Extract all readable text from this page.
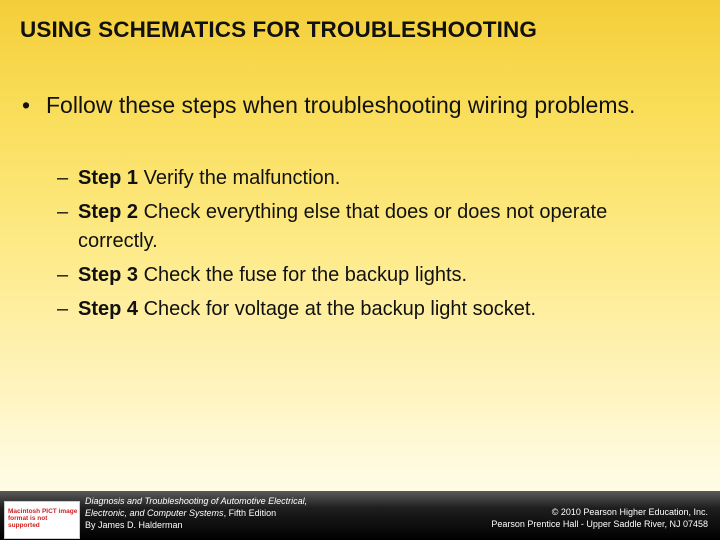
USING SCHEMATICS FOR TROUBLESHOOTING
• Follow these steps when troubleshooting wiring problems.
– Step 1 Verify the malfunction.
– Step 2 Check everything else that does or does not operate correctly.
– Step 3 Check the fuse for the backup lights.
– Step 4 Check for voltage at the backup light socket.
Macintosh PICT image format is not supported
Diagnosis and Troubleshooting of Automotive Electrical,
Electronic, and Computer Systems, Fifth Edition
By James D. Halderman
© 2010 Pearson Higher Education, Inc.
Pearson Prentice Hall - Upper Saddle River, NJ 07458
